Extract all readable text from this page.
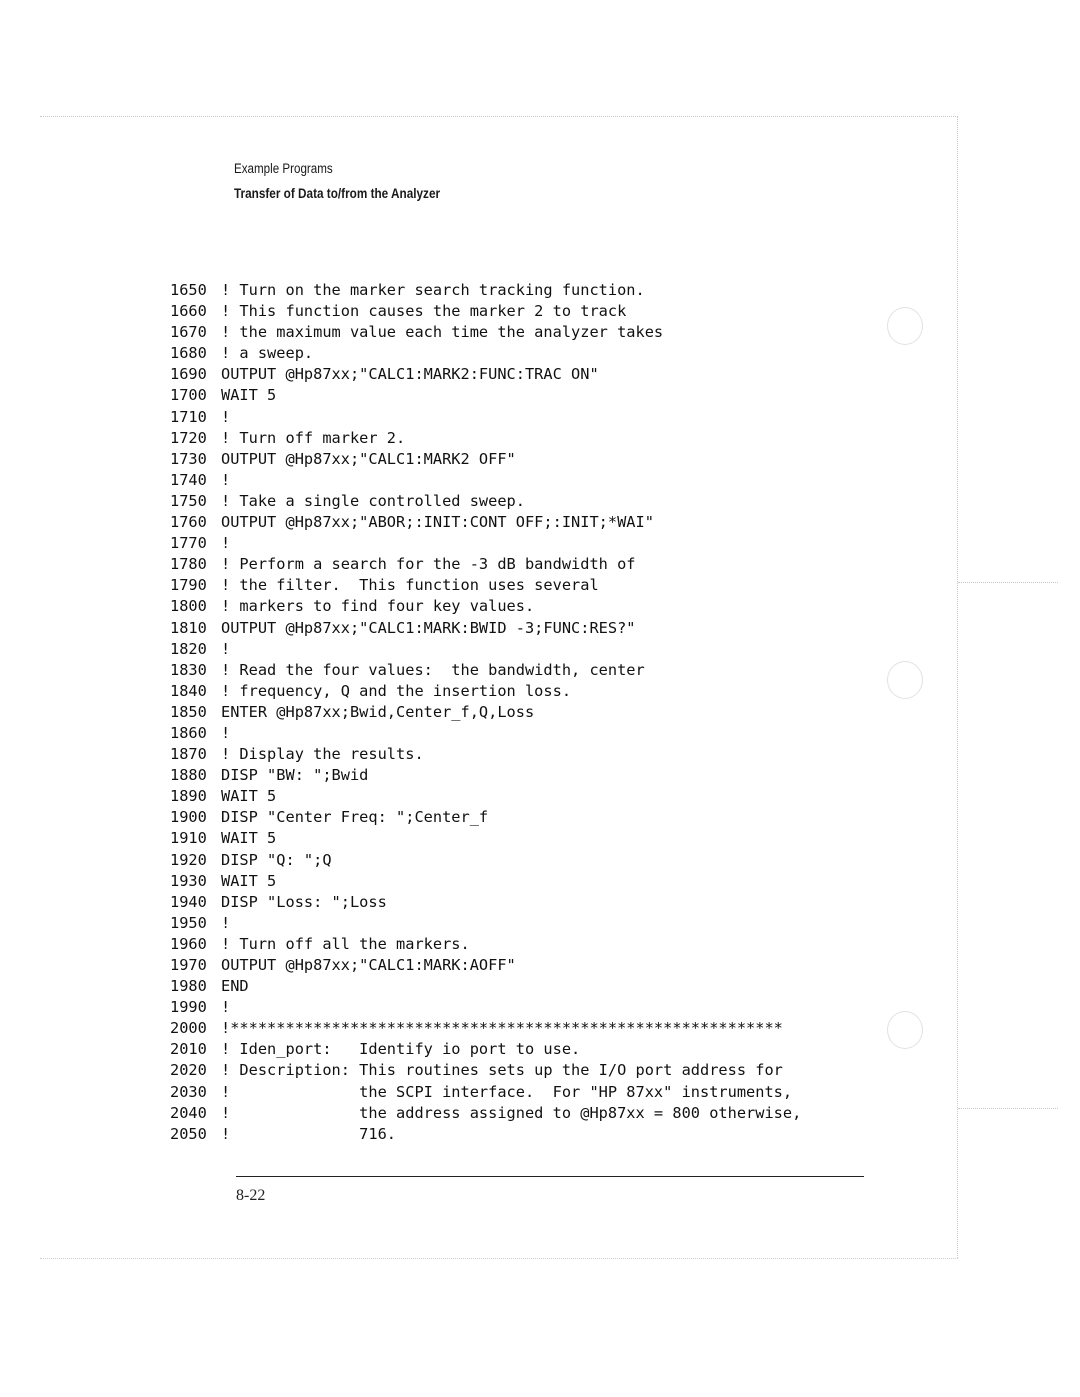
Example Programs
Transfer of Data to/from the Analyzer
1650 ! Turn on the marker search tracking function.
1660 ! This function causes the marker 2 to track
1670 ! the maximum value each time the analyzer takes
1680 ! a sweep.
1690 OUTPUT @Hp87xx;"CALC1:MARK2:FUNC:TRAC ON"
1700 WAIT 5
1710 !
1720 ! Turn off marker 2.
1730 OUTPUT @Hp87xx;"CALC1:MARK2 OFF"
1740 !
1750 ! Take a single controlled sweep.
1760 OUTPUT @Hp87xx;"ABOR;:INIT:CONT OFF;:INIT;*WAI"
1770 !
1780 ! Perform a search for the -3 dB bandwidth of
1790 ! the filter.  This function uses several
1800 ! markers to find four key values.
1810 OUTPUT @Hp87xx;"CALC1:MARK:BWID -3;FUNC:RES?"
1820 !
1830 ! Read the four values:  the bandwidth, center
1840 ! frequency, Q and the insertion loss.
1850 ENTER @Hp87xx;Bwid,Center_f,Q,Loss
1860 !
1870 ! Display the results.
1880 DISP "BW: ";Bwid
1890 WAIT 5
1900 DISP "Center Freq: ";Center_f
1910 WAIT 5
1920 DISP "Q: ";Q
1930 WAIT 5
1940 DISP "Loss: ";Loss
1950 !
1960 ! Turn off all the markers.
1970 OUTPUT @Hp87xx;"CALC1:MARK:AOFF"
1980 END
1990 !
2000 !************************************************************
2010 ! Iden_port:   Identify io port to use.
2020 ! Description: This routines sets up the I/O port address for
2030 !              the SCPI interface.  For "HP 87xx" instruments,
2040 !              the address assigned to @Hp87xx = 800 otherwise,
2050 !              716.
8-22
